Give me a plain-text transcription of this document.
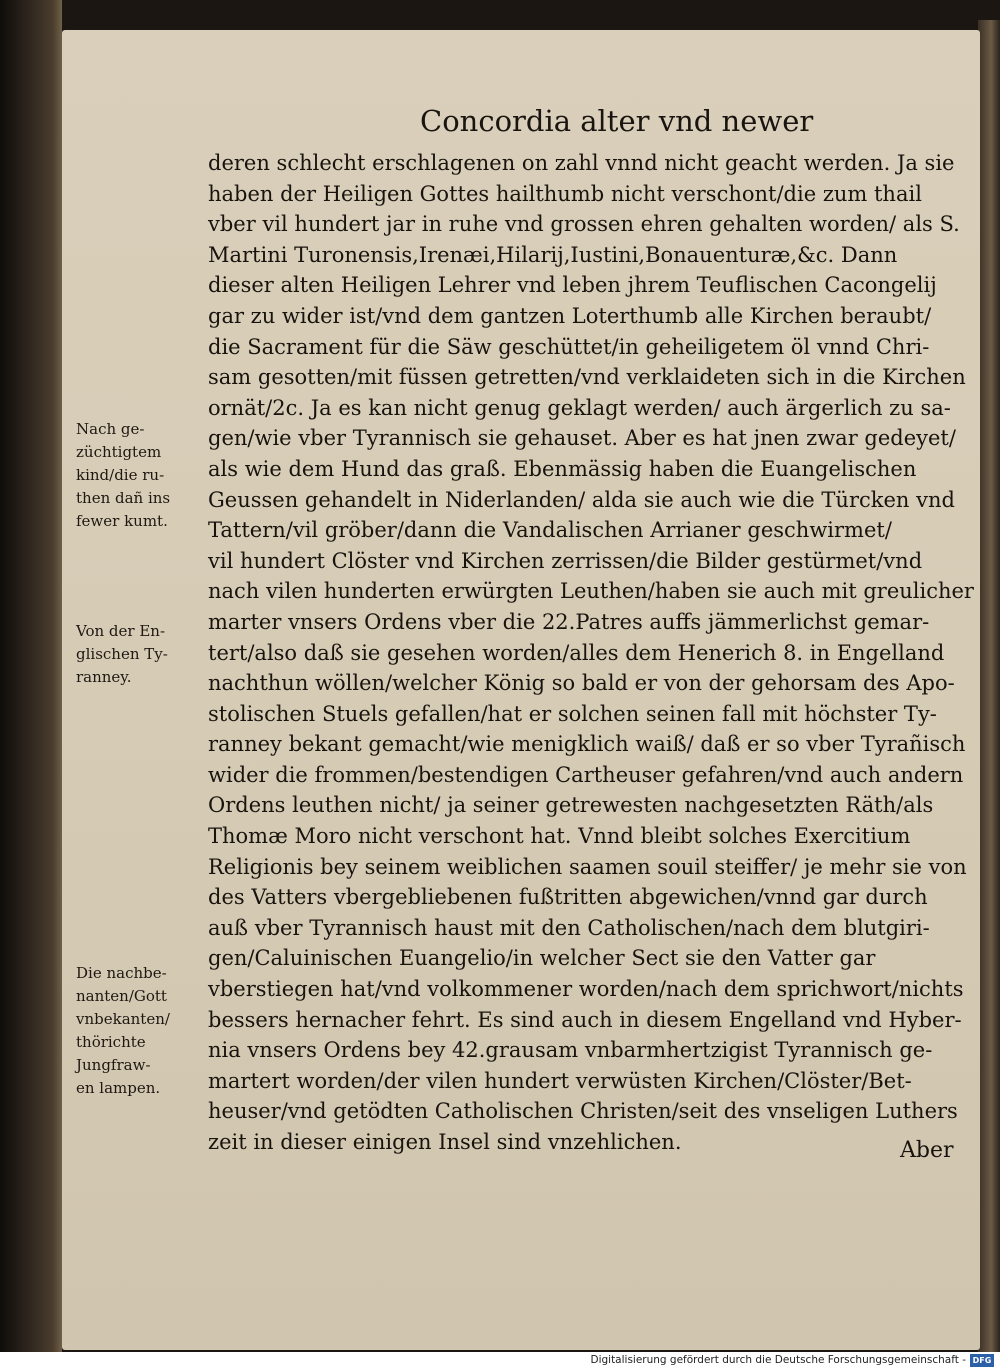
Concordia alter vnd newer
deren schlecht erschlagenen on zahl vnnd nicht geacht werden. Ja sie
haben der Heiligen Gottes hailthumb nicht verschont/die zum thail
vber vil hundert jar in ruhe vnd grossen ehren gehalten worden/ als S.
Martini Turonensis,Irenæi,Hilarij,Iustini,Bonauenturæ,&c. Dann
dieser alten Heiligen Lehrer vnd leben jhrem Teuflischen Cacongelij
gar zu wider ist/vnd dem gantzen Loterthumb alle Kirchen beraubt/
die Sacrament für die Säw geschüttet/in geheiligetem öl vnnd Chri-
sam gesotten/mit füssen getretten/vnd verklaideten sich in die Kirchen
ornät/2c. Ja es kan nicht genug geklagt werden/ auch ärgerlich zu sa-
gen/wie vber Tyrannisch sie gehauset. Aber es hat jnen zwar gedeyet/
als wie dem Hund das graß. Ebenmässig haben die Euangelischen
Geussen gehandelt in Niderlanden/ alda sie auch wie die Türcken vnd
Tattern/vil gröber/dann die Vandalischen Arrianer geschwirmet/
vil hundert Clöster vnd Kirchen zerrissen/die Bilder gestürmet/vnd
nach vilen hunderten erwürgten Leuthen/haben sie auch mit greulicher
marter vnsers Ordens vber die 22.Patres auffs jämmerlichst gemar-
tert/also daß sie gesehen worden/alles dem Henerich 8. in Engelland
nachthun wöllen/welcher König so bald er von der gehorsam des Apo-
stolischen Stuels gefallen/hat er solchen seinen fall mit höchster Ty-
ranney bekant gemacht/wie menigklich waiß/ daß er so vber Tyrañisch
wider die frommen/bestendigen Cartheuser gefahren/vnd auch andern
Ordens leuthen nicht/ ja seiner getrewesten nachgesetzten Räth/als
Thomæ Moro nicht verschont hat. Vnnd bleibt solches Exercitium
Religionis bey seinem weiblichen saamen souil steiffer/ je mehr sie von
des Vatters vbergebliebenen fußtritten abgewichen/vnnd gar durch
auß vber Tyrannisch haust mit den Catholischen/nach dem blutgiri-
gen/Caluinischen Euangelio/in welcher Sect sie den Vatter gar
vberstiegen hat/vnd volkommener worden/nach dem sprichwort/nichts
bessers hernacher fehrt. Es sind auch in diesem Engelland vnd Hyber-
nia vnsers Ordens bey 42.grausam vnbarmhertzigist Tyrannisch ge-
martert worden/der vilen hundert verwüsten Kirchen/Clöster/Bet-
heuser/vnd getödten Catholischen Christen/seit des vnseligen Luthers
zeit in dieser einigen Insel sind vnzehlichen.
Nach ge-
züchtigtem
kind/die ru-
then dañ ins
fewer kumt.
Von der En-
glischen Ty-
ranney.
Die nachbe-
nanten/Gott
vnbekanten/
thörichte
Jungfraw-
en lampen.
Aber
Digitalisierung gefördert durch die Deutsche Forschungsgemeinschaft - DFG
